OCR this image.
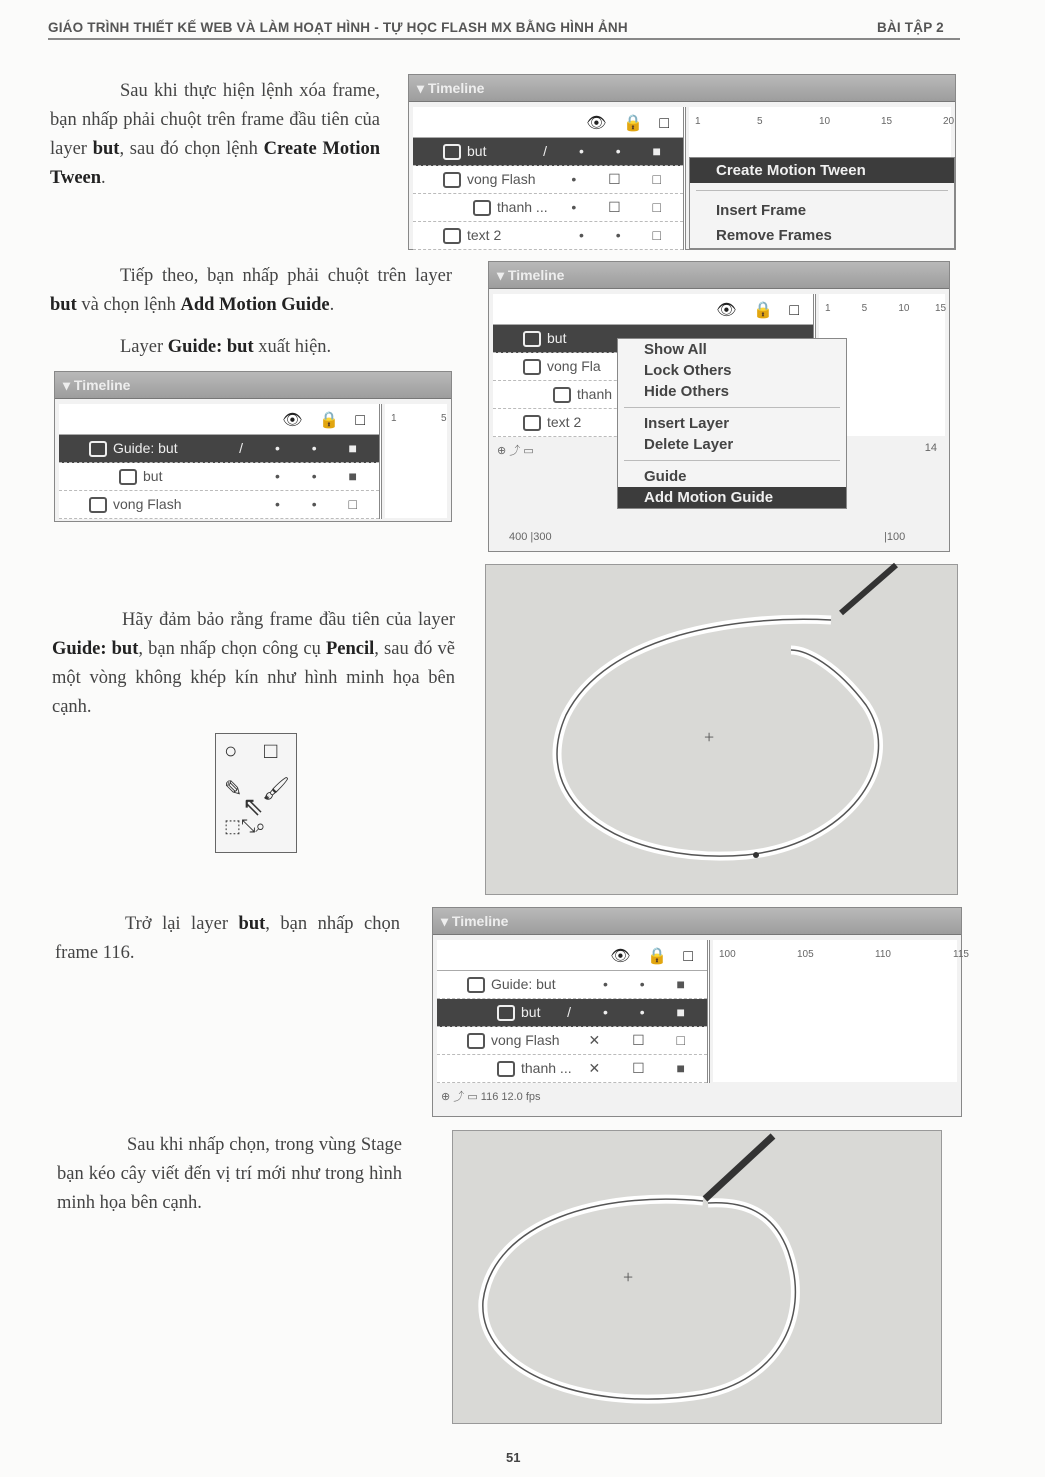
GIÁO TRÌNH THIẾT KẾ WEB VÀ LÀM HOẠT HÌNH - TỰ HỌC FLASH MX BẰNG HÌNH ẢNH	BÀI TẬP 2
Sau khi thực hiện lệnh xóa frame, bạn nhấp phải chuột trên frame đầu tiên của layer but, sau đó chọn lệnh Create Motion Tween.
Tiếp theo, bạn nhấp phải chuột trên layer but và chọn lệnh Add Motion Guide.
Layer Guide: but xuất hiện.
Hãy đảm bảo rằng frame đầu tiên của layer Guide: but, bạn nhấp chọn công cụ Pencil, sau đó vẽ một vòng không khép kín như hình minh họa bên cạnh.
Trở lại layer but, bạn nhấp chọn frame 116.
Sau khi nhấp chọn, trong vùng Stage bạn kéo cây viết đến vị trí mới như trong hình minh họa bên cạnh.
▾ Timeline
👁 🔒 □
but	/ • • ■
vong Flash	• ☐ □
thanh ... • ☐ □
text 2	• • □
1	5	10	15	20
Create Motion Tween
Insert Frame
Remove Frames
▾ Timeline
👁 🔒 □
but
vong Fla
thanh
text 2
1	5	10	15
Show All
Lock Others
Hide Others
Insert Layer
Delete Layer
Guide
Add Motion Guide
⊕ ⤴ ▭	14
400 |300	|100
▾ Timeline
👁 🔒 □
Guide: but	/ • • ■
but	• • ■
vong Flash	• • □
1	5
▾ Timeline
👁 🔒 □
Guide: but	• • ■
but / • • ■
vong Flash ✕ ☐ □
thanh ... ✕ ☐ ■
100	105	110	115
⊕ ⤴ ▭ 116 12.0 fps
○ □
✎ 🖌
⬚⤡⌕
⇖
+
+
51
